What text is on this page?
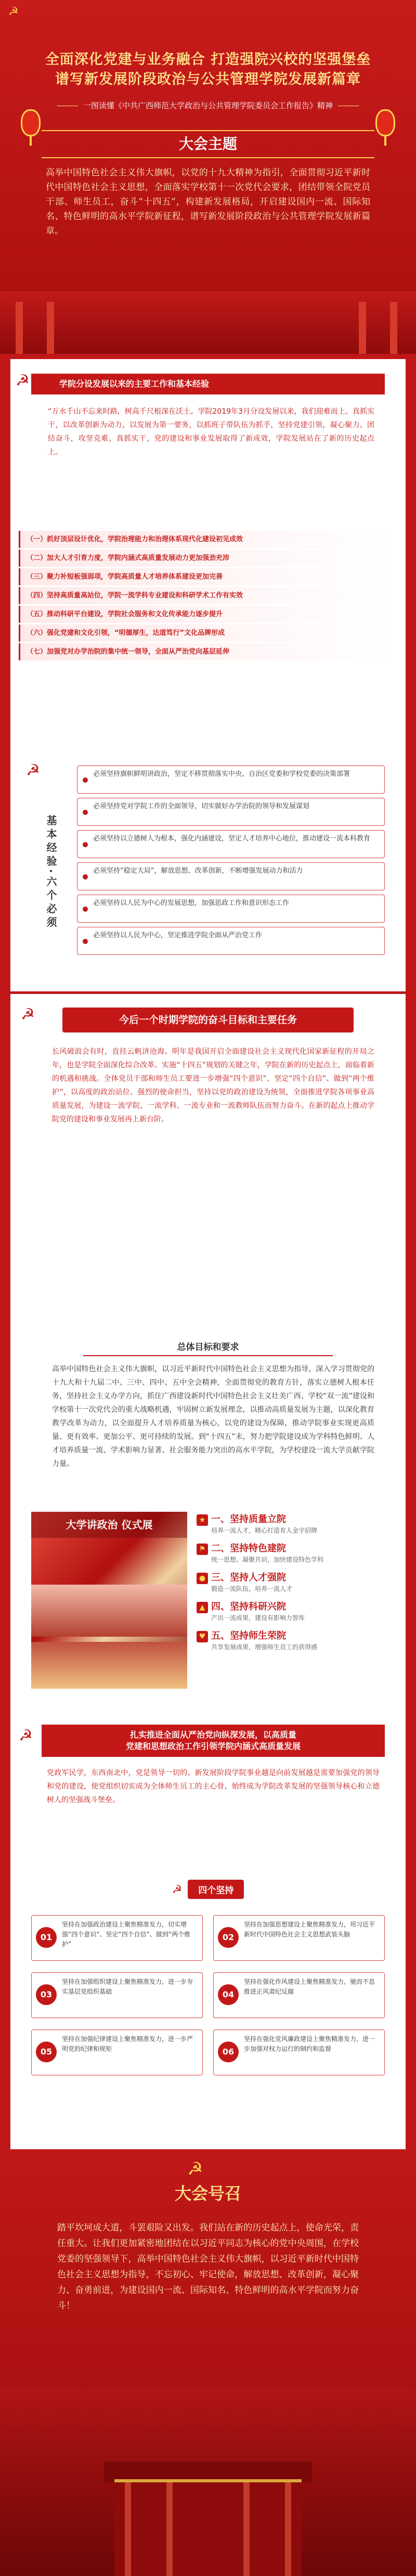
☭
全面深化党建与业务融合 打造强院兴校的坚强堡垒
谱写新发展阶段政治与公共管理学院发展新篇章
一图读懂《中共广西师范大学政治与公共管理学院委员会工作报告》精神
大会主题
高举中国特色社会主义伟大旗帜，以党的十九大精神为指引，全面贯彻习近平新时代中国特色社会主义思想，全面落实学校第十一次党代会要求，团结带领全院党员干部、师生员工，奋斗“十四五”，构建新发展格局，开启建设国内一流、国际知名、特色鲜明的高水平学院新征程，谱写新发展阶段政治与公共管理学院发展新篇章。
☭	学院分设发展以来的主要工作和基本经验
“万水千山不忘来时路，树高千尺根深在沃土。学院2019年3月分设发展以来，我们迎难而上、真抓实干，以改革创新为动力，以发展为第一要务，以抓班子带队伍为抓手，坚持党建引领，凝心聚力、团结奋斗，攻坚克难、真抓实干，党的建设和事业发展取得了新成效，学院发展站在了新的历史起点上。
（一）抓好顶层设计优化，学院治理能力和治理体系现代化建设初见成效
（二）加大人才引育力度，学院内涵式高质量发展动力更加强劲充沛
（三）聚力补短板强弱项，学院高质量人才培养体系建设更加完善
（四）坚持高质量高站位，学院一流学科专业建设和科研学术工作有实效
（五）推动科研平台建设，学院社会服务和文化传承能力逐步提升
（六）强化党建和文化引领，“明德厚生，达道笃行”文化品牌形成
（七）加强党对办学治院的集中统一领导，全面从严治党向基层延伸
☭
基本经验·六个必须
必须坚持旗帜鲜明讲政治，坚定不移贯彻落实中央、自治区党委和学校党委的决策部署
必须坚持党对学院工作的全面领导，切实做好办学治院的领导和发展谋划
必须坚持以立德树人为根本，强化内涵建设，坚定人才培养中心地位，推动建设一流本科教育
必须坚持“稳定大局”，解放思想、改革创新，不断增强发展动力和活力
必须坚持以人民为中心的发展思想，加强思政工作和意识形态工作
必须坚持以人民为中心，坚定推进学院全面从严治党工作
☭	今后一个时期学院的奋斗目标和主要任务
长风破浪会有时，直挂云帆济沧海。明年是我国开启全面建设社会主义现代化国家新征程的开局之年，也是学院全面深化综合改革、实施“十四五”规划的关键之年，学院在新的历史起点上，面临着新的机遇和挑战。全体党员干部和师生员工要进一步增强“四个意识”、坚定“四个自信”、做到“两个维护”，以高度的政治站位、强烈的使命担当，坚持以党的政治建设为统领，全面推进学院各项事业高质量发展，为建设一流学院、一流学科、一流专业和一流教师队伍而努力奋斗。在新的起点上推动学院党的建设和事业发展再上新台阶。
总体目标和要求
高举中国特色社会主义伟大旗帜，以习近平新时代中国特色社会主义思想为指导，深入学习贯彻党的十九大和十九届二中、三中、四中、五中全会精神，全面贯彻党的教育方针，落实立德树人根本任务，坚持社会主义办学方向，抓住广西建设新时代中国特色社会主义壮美广西、学校“双一流”建设和学校第十一次党代会的重大战略机遇，牢固树立新发展理念，以推动高质量发展为主题，以深化教育教学改革为动力，以全面提升人才培养质量为核心，以党的建设为保障，推动学院事业实现更高质量、更有效率、更加公平、更可持续的发展。到“十四五”末，努力把学院建设成为学科特色鲜明、人才培养质量一流、学术影响力显著、社会服务能力突出的高水平学院，为学校建设一流大学贡献学院力量。
大学讲政治 仪式展	★ 一、坚持质量立院
培养一流人才，精心打造育人金字招牌
⚑ 二、坚持特色建院
统一思想、凝聚共识，加快建设特色学科
● 三、坚持人才强院
锻造一流队伍，培养一流人才
▲ 四、坚持科研兴院
产出一流成果，建设有影响力智库
♥ 五、坚持师生荣院
共享发展成果，增强师生员工的获得感
☭	扎实推进全面从严治党向纵深发展，以高质量
党建和思想政治工作引领学院内涵式高质量发展
党政军民学，东西南北中，党是领导一切的。新发展阶段学院事业越是向前发展越是需要加强党的领导和党的建设，使党组织切实成为全体师生员工的主心骨，始终成为学院改革发展的坚强领导核心和立德树人的坚强战斗堡垒。
☭ 四个坚持
01
坚持在加强政治建设上聚焦精准发力，切实增强“四个意识”、坚定“四个自信”、做到“两个维护”
02
坚持在加强思想建设上聚焦精准发力，用习近平新时代中国特色社会主义思想武装头脑
03
坚持在加强组织建设上聚焦精准发力，进一步夯实基层党组织基础	04
坚持在强化作风建设上聚焦精准发力，驰而不息推进正风肃纪反腐
05
坚持在加强纪律建设上聚焦精准发力，进一步严明党的纪律和规矩	06
坚持在强化党风廉政建设上聚焦精准发力，进一步加强对权力运行的制约和监督
☭
大会号召
踏平坎坷成大道，斗罢艰险又出发。我们站在新的历史起点上，使命光荣，责任重大。让我们更加紧密地团结在以习近平同志为核心的党中央周围，在学校党委的坚强领导下，高举中国特色社会主义伟大旗帜，以习近平新时代中国特色社会主义思想为指导，不忘初心、牢记使命，解放思想、改革创新，凝心聚力、奋勇前进，为建设国内一流、国际知名、特色鲜明的高水平学院而努力奋斗！
